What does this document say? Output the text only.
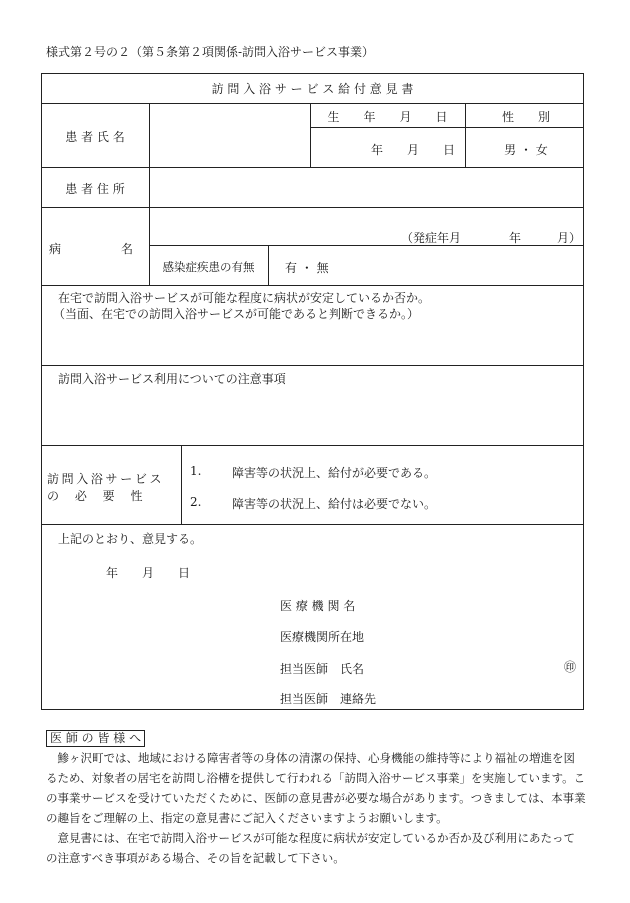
様式第２号の２（第５条第２項関係-訪問入浴サービス事業）
訪 問 入 浴 サ ー ビ ス 給 付 意 見 書
患 者 氏 名
生　　年　　月　　日	性　　別
年　　月　　日	男 ・ 女
患 者 住 所
病　　　　　名
（発症年月　　　　年　　　月）
感染症疾患の有無	有 ・ 無
在宅で訪問入浴サービスが可能な程度に病状が安定しているか否か。
（当面、在宅での訪問入浴サービスが可能であると判断できるか。）
訪問入浴サービス利用についての注意事項
訪問入浴サービス
の　 必　 要　 性
1.	障害等の状況上、給付が必要である。
2.	障害等の状況上、給付は必要でない。
上記のとおり、意見する。
年　　月　　日
医 療 機 関 名
医療機関所在地
担当医師　氏名	㊞
担当医師　連絡先
医 師 の 皆 様 へ

鯵ヶ沢町では、地域における障害者等の身体の清潔の保持、心身機能の維持等により福祉の増進を図るため、対象者の居宅を訪問し浴槽を提供して行われる「訪問入浴サービス事業」を実施しています。この事業サービスを受けていただくために、医師の意見書が必要な場合があります。つきましては、本事業の趣旨をご理解の上、指定の意見書にご記入くださいますようお願いします。

意見書には、在宅で訪問入浴サービスが可能な程度に病状が安定しているか否か及び利用にあたっての注意すべき事項がある場合、その旨を記載して下さい。
